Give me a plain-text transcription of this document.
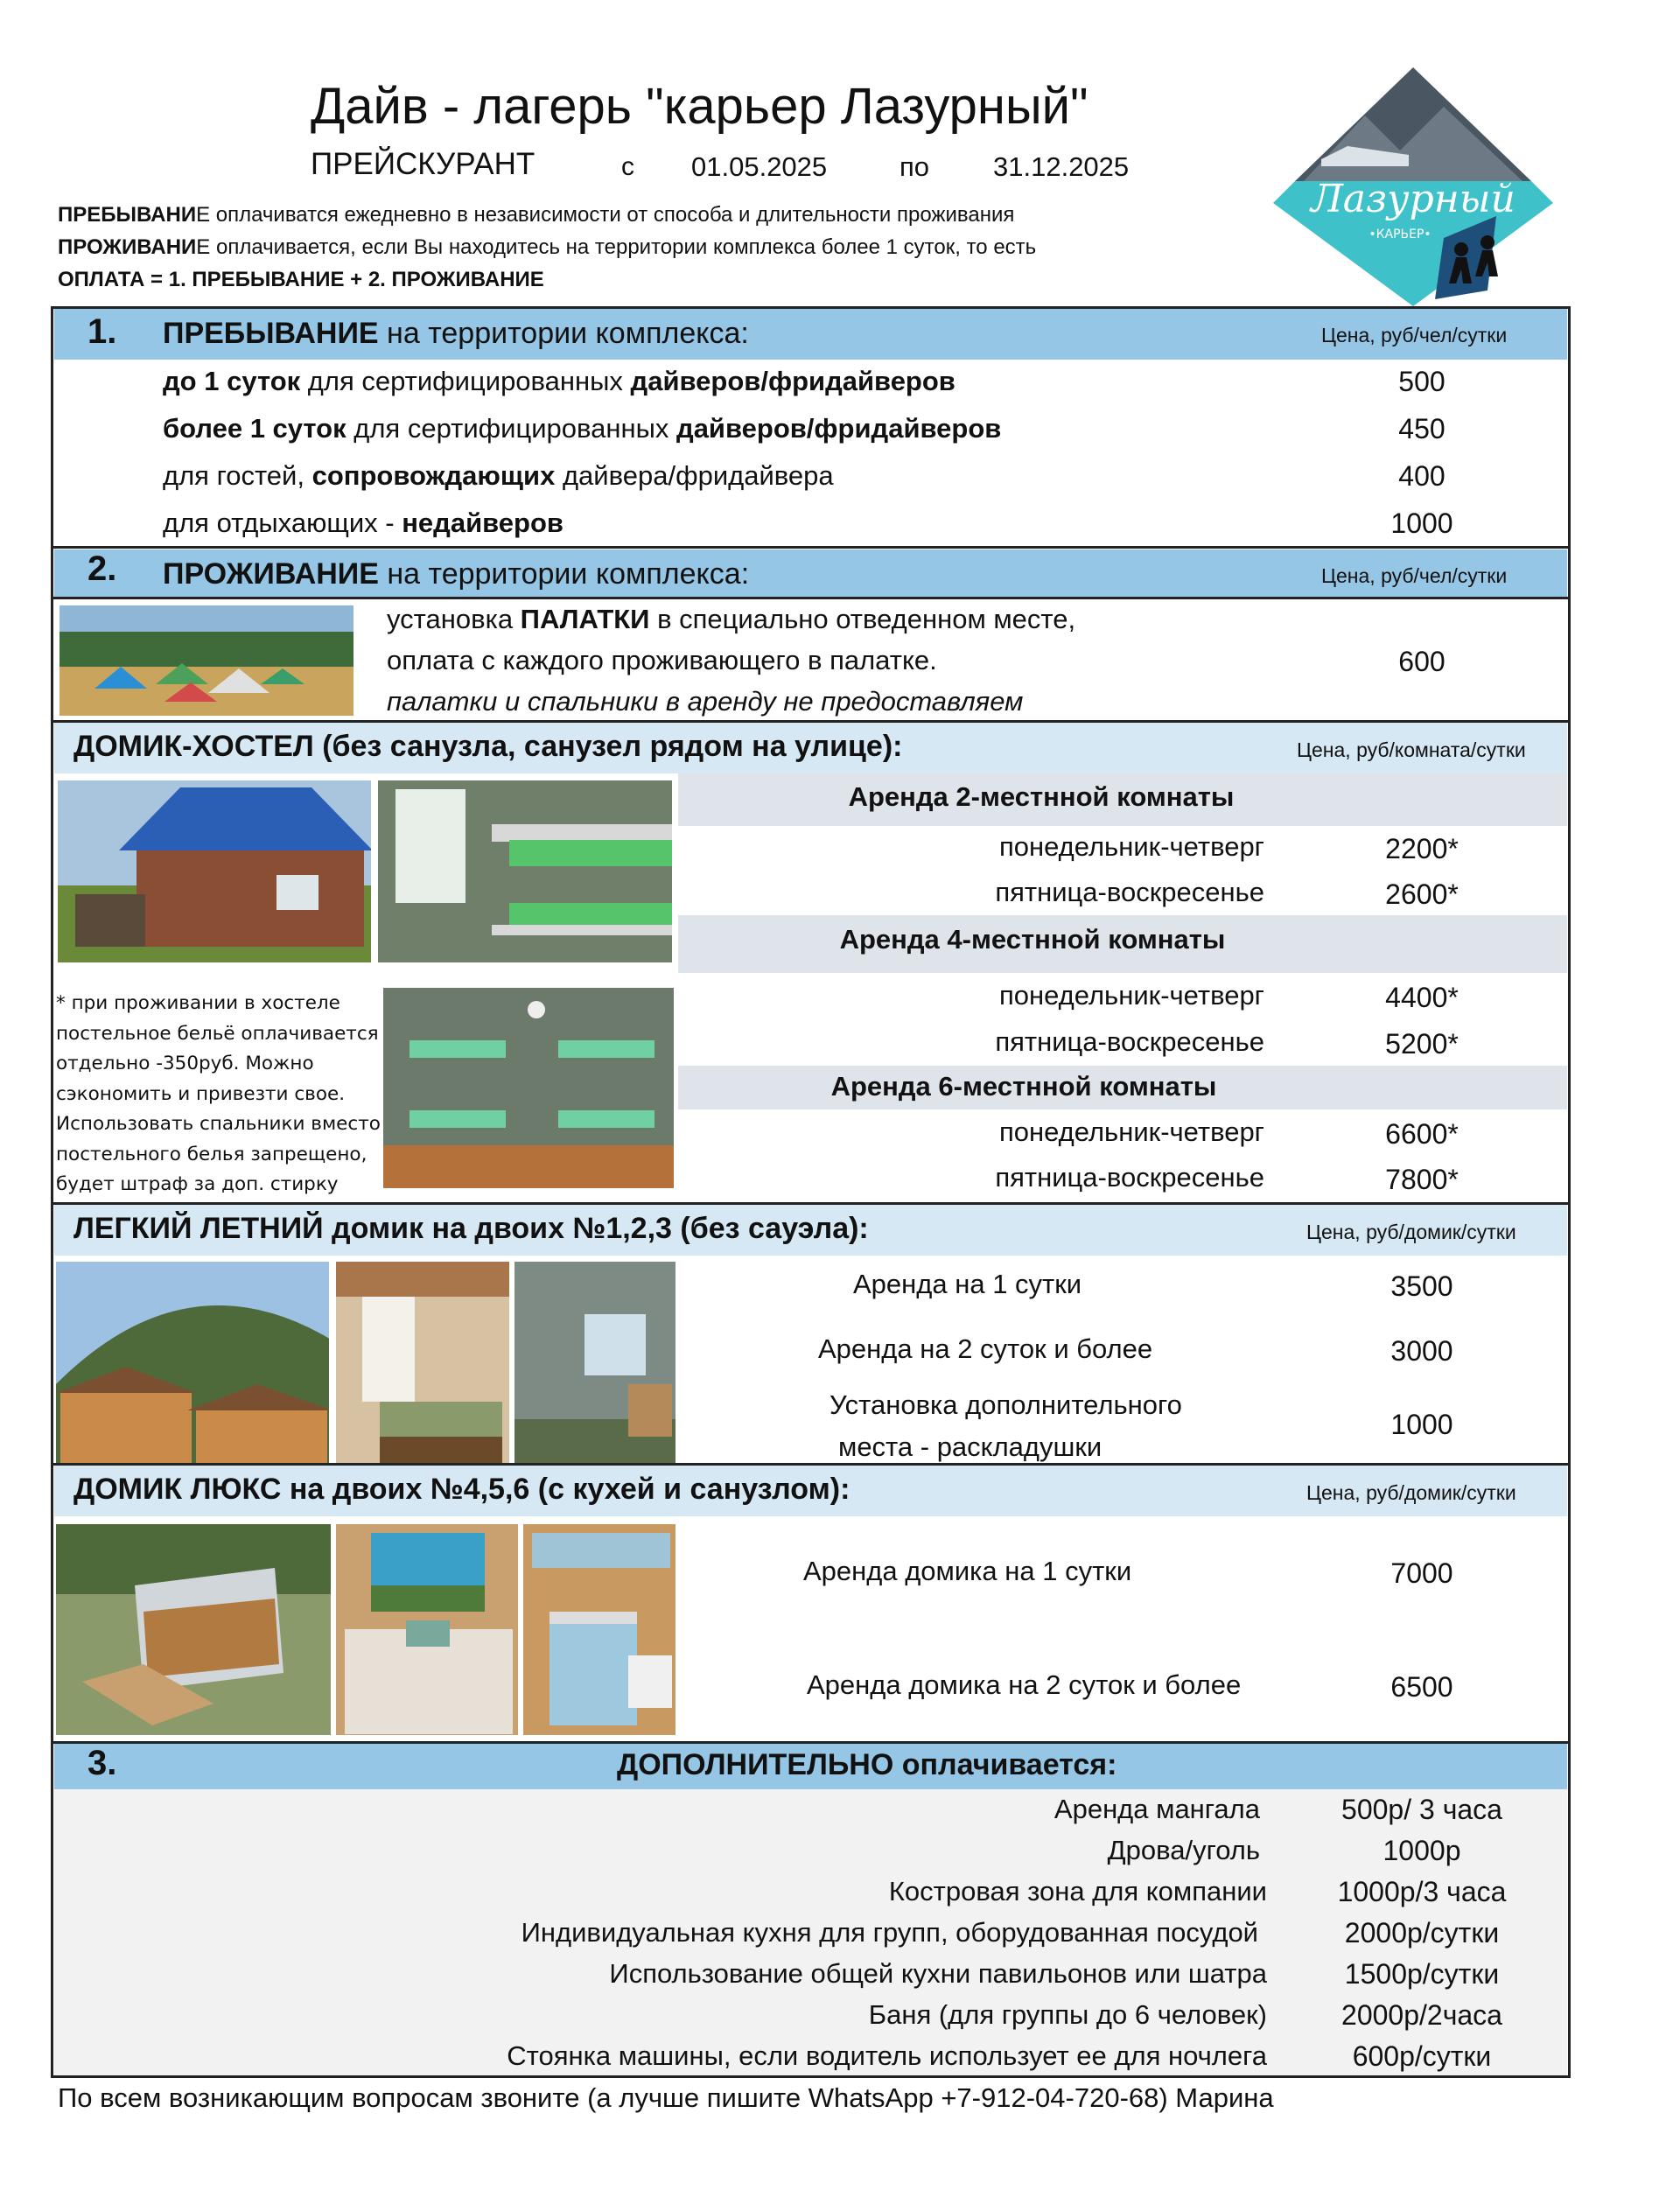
Дайв - лагерь "карьер Лазурный"
ПРЕЙСКУРАНТ	с 01.05.2025	по 31.12.2025
ПРЕБЫВАНИЕ оплачиватся ежедневно в независимости от способа и длительности проживания
ПРОЖИВАНИЕ оплачивается, если Вы находитесь на территории комплекса более 1 суток, то есть
ОПЛАТА = 1. ПРЕБЫВАНИЕ + 2. ПРОЖИВАНИЕ
Лазурный
•КАРЬЕР•
1. ПРЕБЫВАНИЕ на территории комплекса:	Цена, руб/чел/сутки
до 1 суток для сертифицированных дайверов/фридайверов	500
более 1 суток для сертифицированных дайверов/фридайверов	450
для гостей, сопровождающих дайвера/фридайвера	400
для отдыхающих - недайверов	1000
2. ПРОЖИВАНИЕ на территории комплекса:	Цена, руб/чел/сутки
установка ПАЛАТКИ в специально отведенном месте,
оплата с каждого проживающего в палатке.
палатки и спальники в аренду не предоставляем
600
ДОМИК-ХОСТЕЛ (без санузла, санузел рядом на улице):	Цена, руб/комната/сутки
* при проживании в хостеле
постельное бельё оплачивается
отдельно -350руб. Можно
сэкономить и привезти свое.
Использовать спальники вместо
постельного белья запрещено,
будет штраф за доп. стирку
Аренда 2-местнной комнаты
понедельник-четверг	2200*
пятница-воскресенье	2600*
Аренда 4-местнной комнаты
понедельник-четверг	4400*
пятница-воскресенье	5200*
Аренда 6-местнной комнаты
понедельник-четверг	6600*
пятница-воскресенье	7800*
ЛЕГКИЙ ЛЕТНИЙ домик на двоих №1,2,3 (без сауэла):	Цена, руб/домик/сутки
Аренда на 1 сутки	3500
Аренда на 2 суток и более	3000
Установка дополнительного
места - раскладушки
1000
ДОМИК ЛЮКС на двоих №4,5,6 (с кухей и санузлом):	Цена, руб/домик/сутки
Аренда домика на 1 сутки	7000
Аренда домика на 2 суток и более	6500
3.	ДОПОЛНИТЕЛЬНО оплачивается:
Аренда мангала	500р/ 3 часа
Дрова/уголь	1000р
Костровая зона для компании	1000р/3 часа
Индивидуальная кухня для групп, оборудованная посудой	2000р/сутки
Использование общей кухни павильонов или шатра	1500р/сутки
Баня (для группы до 6 человек)	2000р/2часа
Стоянка машины, если водитель использует ее для ночлега	600р/сутки
По всем возникающим вопросам звоните (а лучше пишите WhatsApp +7-912-04-720-68) Марина
